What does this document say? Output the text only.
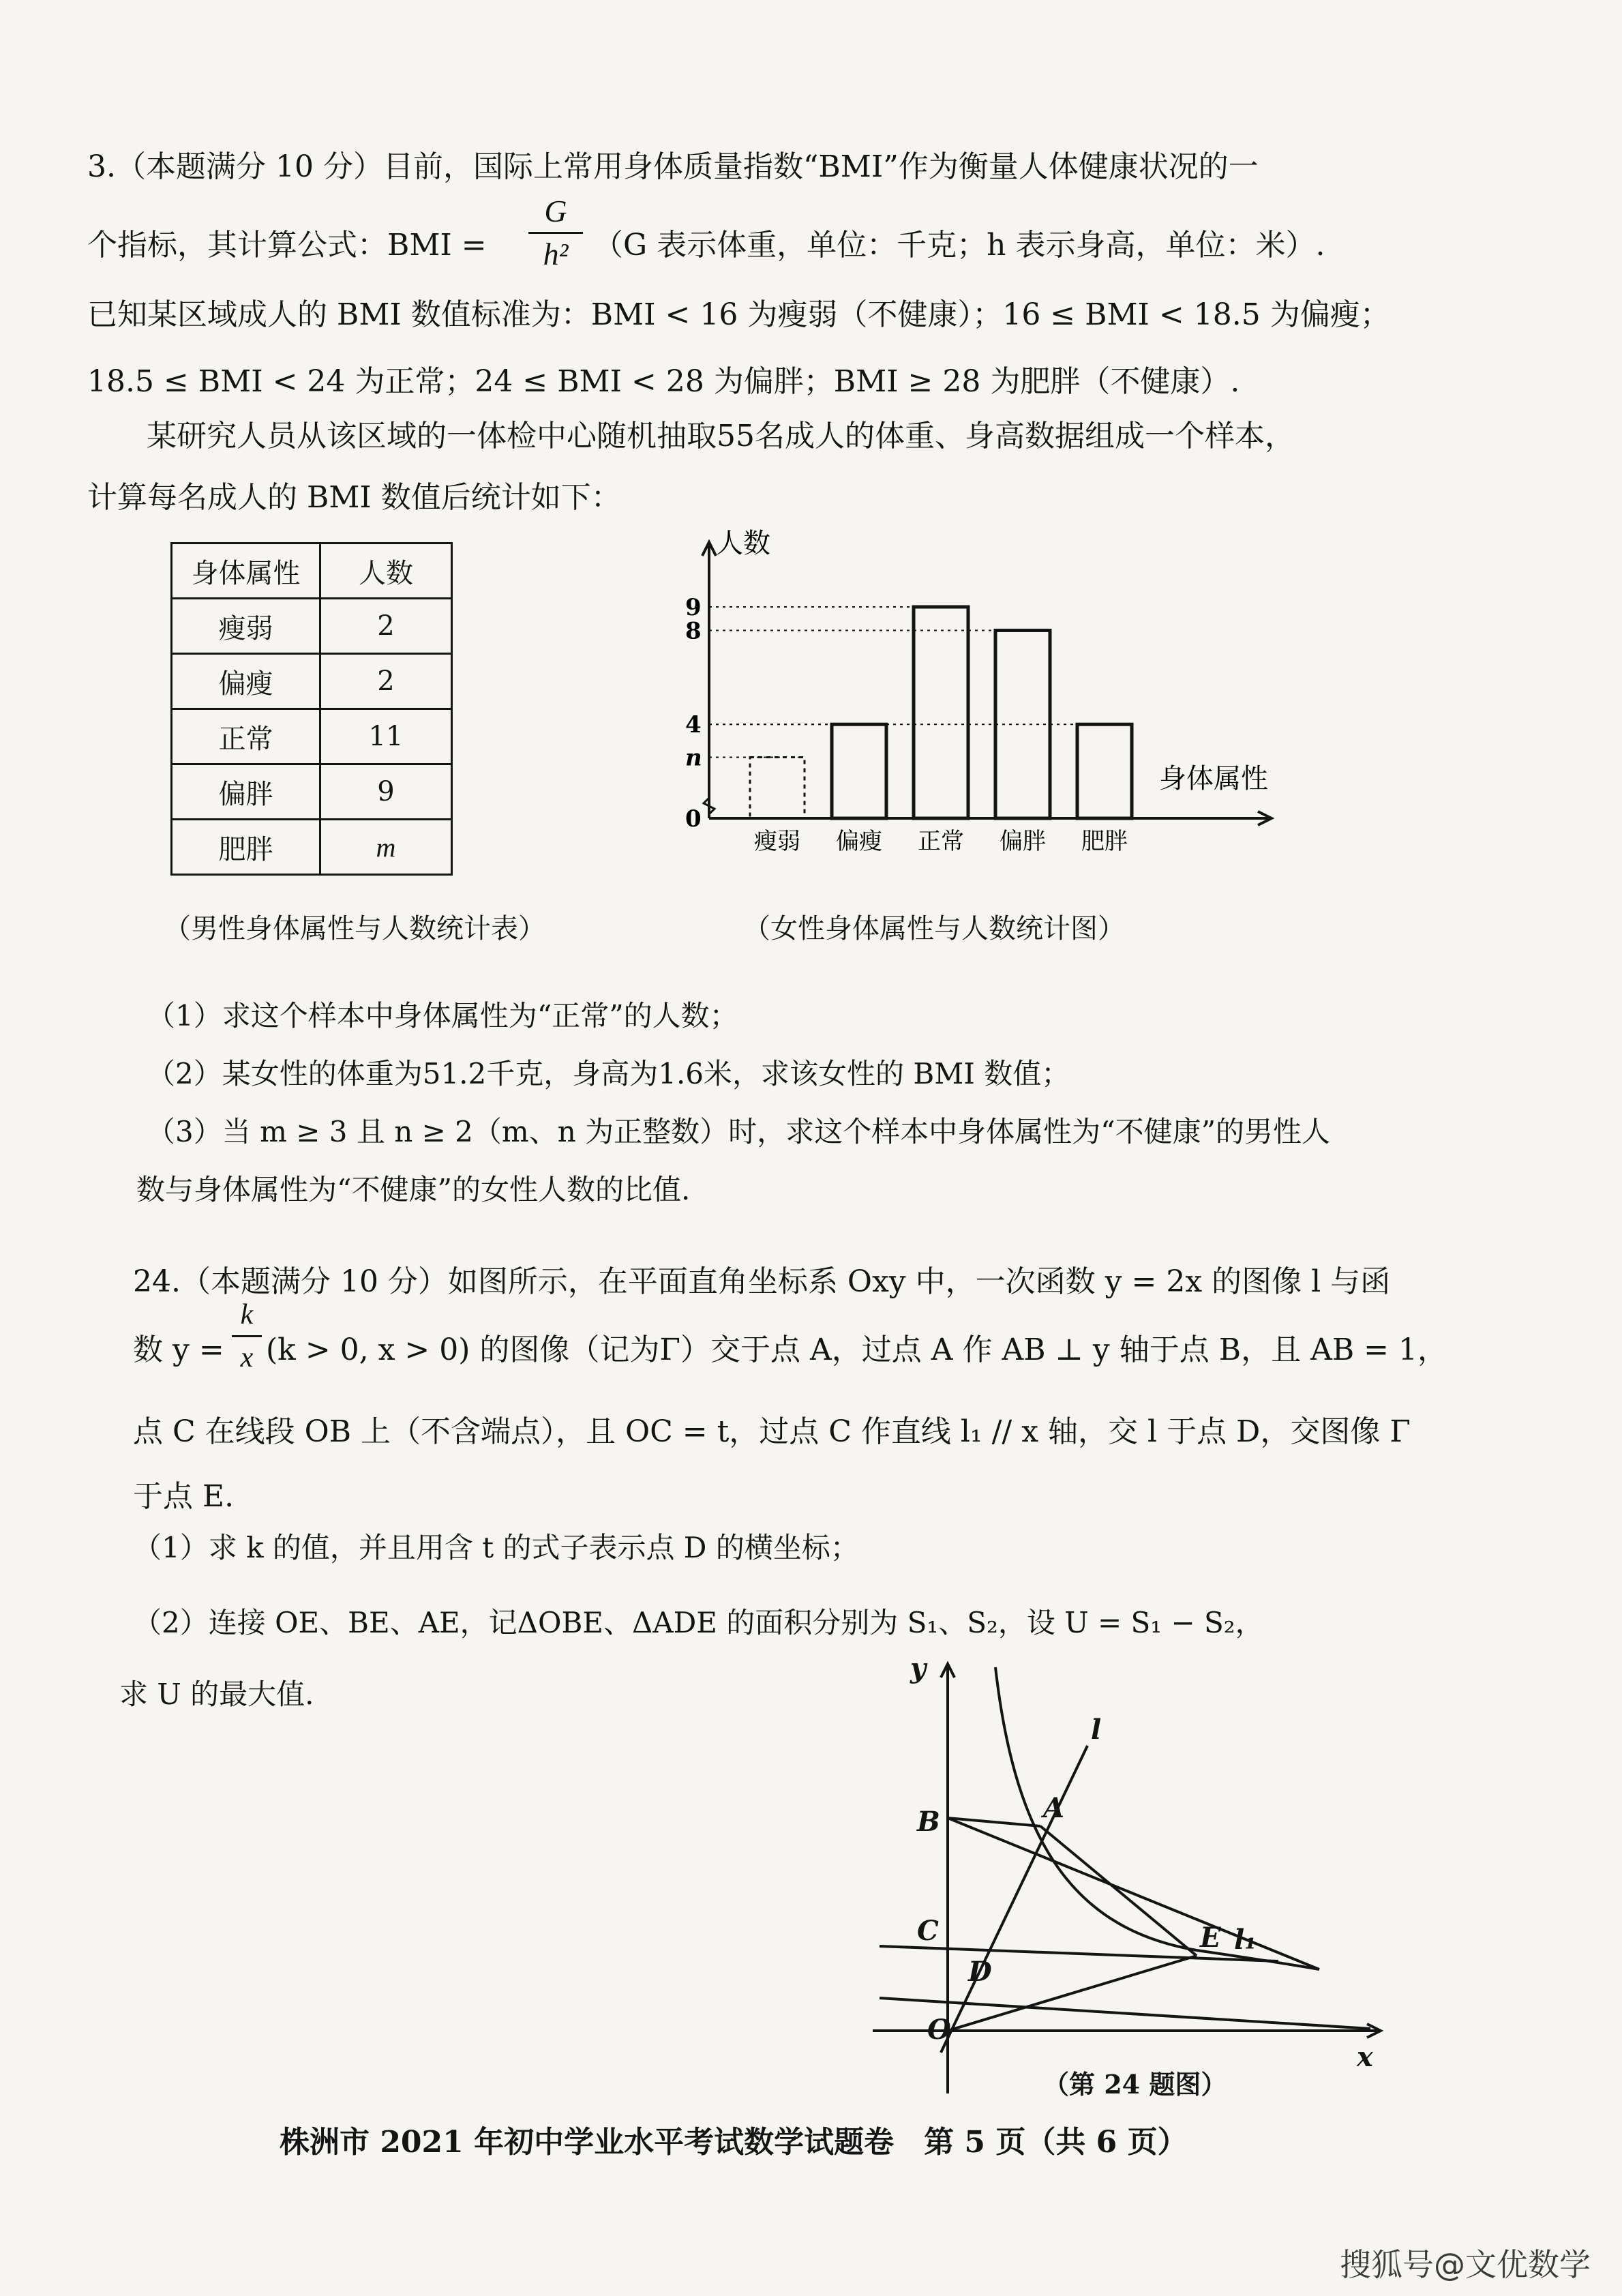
3.（本题满分 10 分）目前，国际上常用身体质量指数“BMI”作为衡量人体健康状况的一
个指标，其计算公式：BMI =
G
h² （G 表示体重，单位：千克；h 表示身高，单位：米）.
已知某区域成人的 BMI 数值标准为：BMI < 16 为瘦弱（不健康）；16 ≤ BMI < 18.5 为偏瘦；
18.5 ≤ BMI < 24 为正常；24 ≤ BMI < 28 为偏胖；BMI ≥ 28 为肥胖（不健康）.
某研究人员从该区域的一体检中心随机抽取55名成人的体重、身高数据组成一个样本，
计算每名成人的 BMI 数值后统计如下：
身体属性	人数
瘦弱	2
偏瘦	2
正常	11
偏胖	9
肥胖	m
（男性身体属性与人数统计表）
人数
身体属性
0
n
4
8
9
瘦弱 偏瘦 正常 偏胖 肥胖
（女性身体属性与人数统计图）
（1）求这个样本中身体属性为“正常”的人数；
（2）某女性的体重为51.2千克，身高为1.6米，求该女性的 BMI 数值；
（3）当 m ≥ 3 且 n ≥ 2（m、n 为正整数）时，求这个样本中身体属性为“不健康”的男性人
数与身体属性为“不健康”的女性人数的比值.
24.（本题满分 10 分）如图所示，在平面直角坐标系 Oxy 中，一次函数 y = 2x 的图像 l 与函
数 y =
k
x (k > 0, x > 0) 的图像（记为Γ）交于点 A，过点 A 作 AB ⊥ y 轴于点 B，且 AB = 1，
点 C 在线段 OB 上（不含端点），且 OC = t，过点 C 作直线 l₁ // x 轴，交 l 于点 D，交图像 Γ
于点 E.
（1）求 k 的值，并且用含 t 的式子表示点 D 的横坐标；
（2）连接 OE、BE、AE，记ΔOBE、ΔADE 的面积分别为 S₁、S₂，设 U = S₁ − S₂，
求 U 的最大值.
y
l
A
B
C
D
E l₁
O
x
（第 24 题图）
株洲市 2021 年初中学业水平考试数学试题卷　第 5 页（共 6 页）
搜狐号@文优数学
